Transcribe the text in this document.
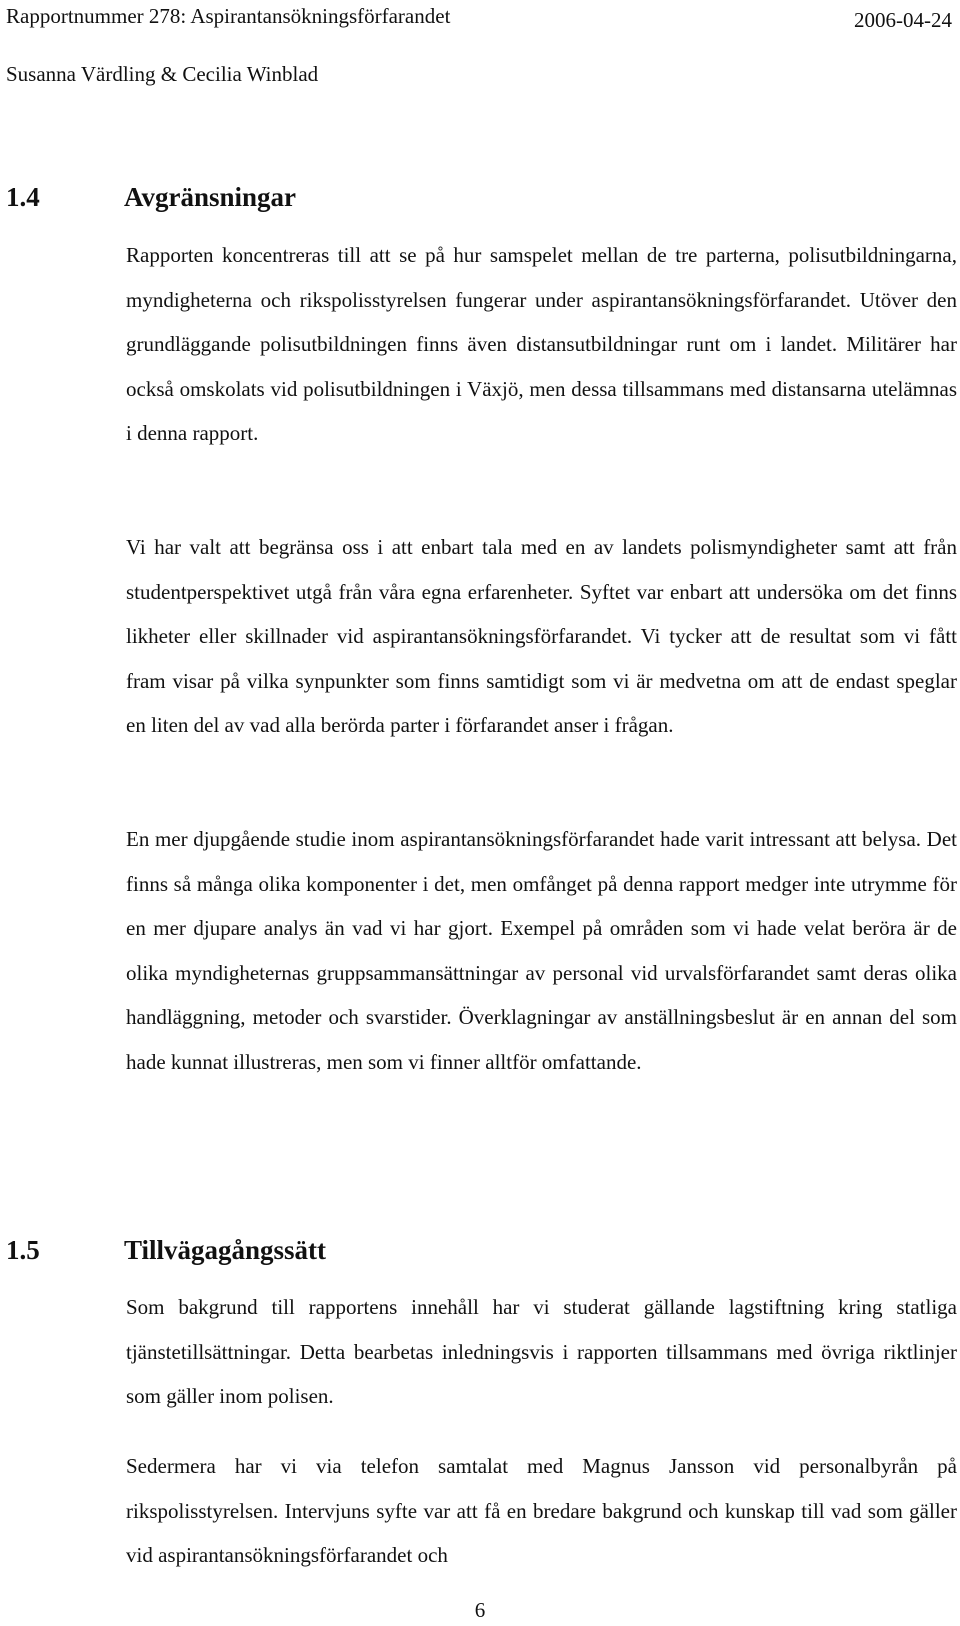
Rapportnummer 278: Aspirantansökningsförfarandet	2006-04-24
Susanna Värdling & Cecilia Winblad
1.4	Avgränsningar

Rapporten koncentreras till att se på hur samspelet mellan de tre parterna, polisutbildningarna, myndigheterna och rikspolisstyrelsen fungerar under aspirantansökningsförfarandet. Utöver den grundläggande polisutbildningen finns även distansutbildningar runt om i landet. Militärer har också omskolats vid polisutbildningen i Växjö, men dessa tillsammans med distansarna utelämnas i denna rapport.

Vi har valt att begränsa oss i att enbart tala med en av landets polismyndigheter samt att från studentperspektivet utgå från våra egna erfarenheter. Syftet var enbart att undersöka om det finns likheter eller skillnader vid aspirantansökningsförfarandet. Vi tycker att de resultat som vi fått fram visar på vilka synpunkter som finns samtidigt som vi är medvetna om att de endast speglar en liten del av vad alla berörda parter i förfarandet anser i frågan.

En mer djupgående studie inom aspirantansökningsförfarandet hade varit intressant att belysa. Det finns så många olika komponenter i det, men omfånget på denna rapport medger inte utrymme för en mer djupare analys än vad vi har gjort. Exempel på områden som vi hade velat beröra är de olika myndigheternas gruppsammansättningar av personal vid urvalsförfarandet samt deras olika handläggning, metoder och svarstider. Överklagningar av anställningsbeslut är en annan del som hade kunnat illustreras, men som vi finner alltför omfattande.

1.5	Tillvägagångssätt

Som bakgrund till rapportens innehåll har vi studerat gällande lagstiftning kring statliga tjänstetillsättningar. Detta bearbetas inledningsvis i rapporten tillsammans med övriga riktlinjer som gäller inom polisen.

Sedermera har vi via telefon samtalat med Magnus Jansson vid personalbyrån på rikspolisstyrelsen. Intervjuns syfte var att få en bredare bakgrund och kunskap till vad som gäller vid aspirantansökningsförfarandet och

6
